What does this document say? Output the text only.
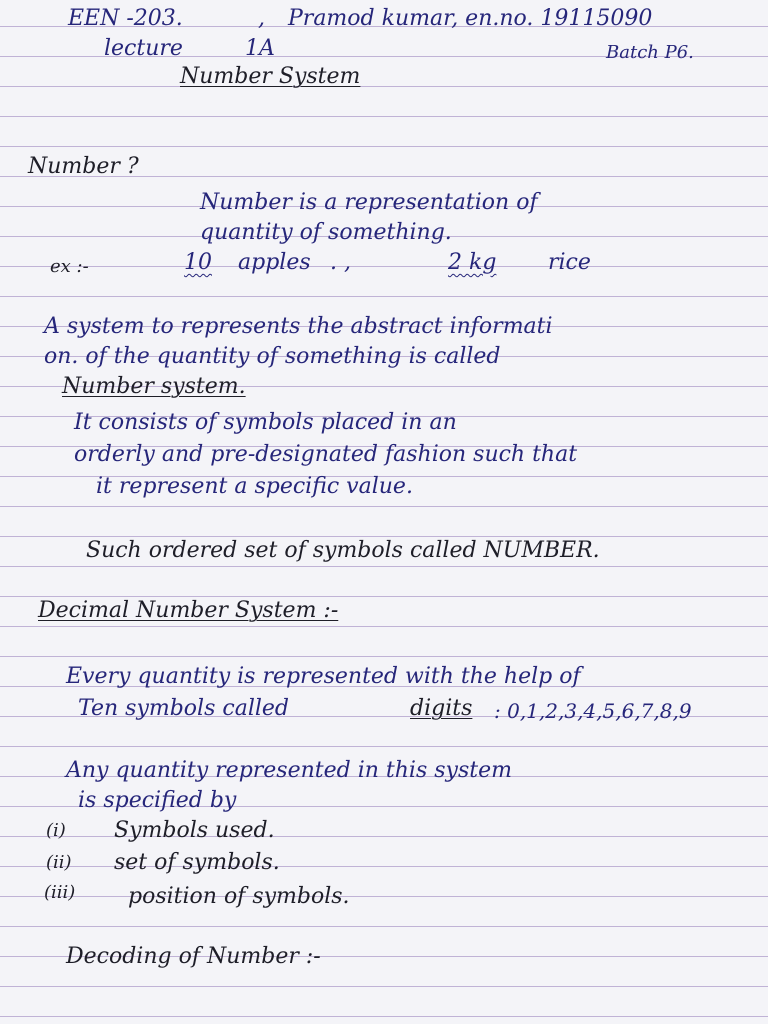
EEN -203.	, Pramod kumar, en.no. 19115090
lecture	1A	Batch P6.
Number System
Number ?
Number is a representation of
quantity of something.
ex :-	10 apples . ,	2 kg rice
A system to represents the abstract informati
on. of the quantity of something is called
Number system.
It consists of symbols placed in an
orderly and pre-designated fashion such that
it represent a specific value.
Such ordered set of symbols called NUMBER.
Decimal Number System :-
Every quantity is represented with the help of
Ten symbols called	digits : 0,1,2,3,4,5,6,7,8,9
Any quantity represented in this system
is specified by
(i) Symbols used.
(ii) set of symbols.
(iii) position of symbols.
Decoding of Number :-
